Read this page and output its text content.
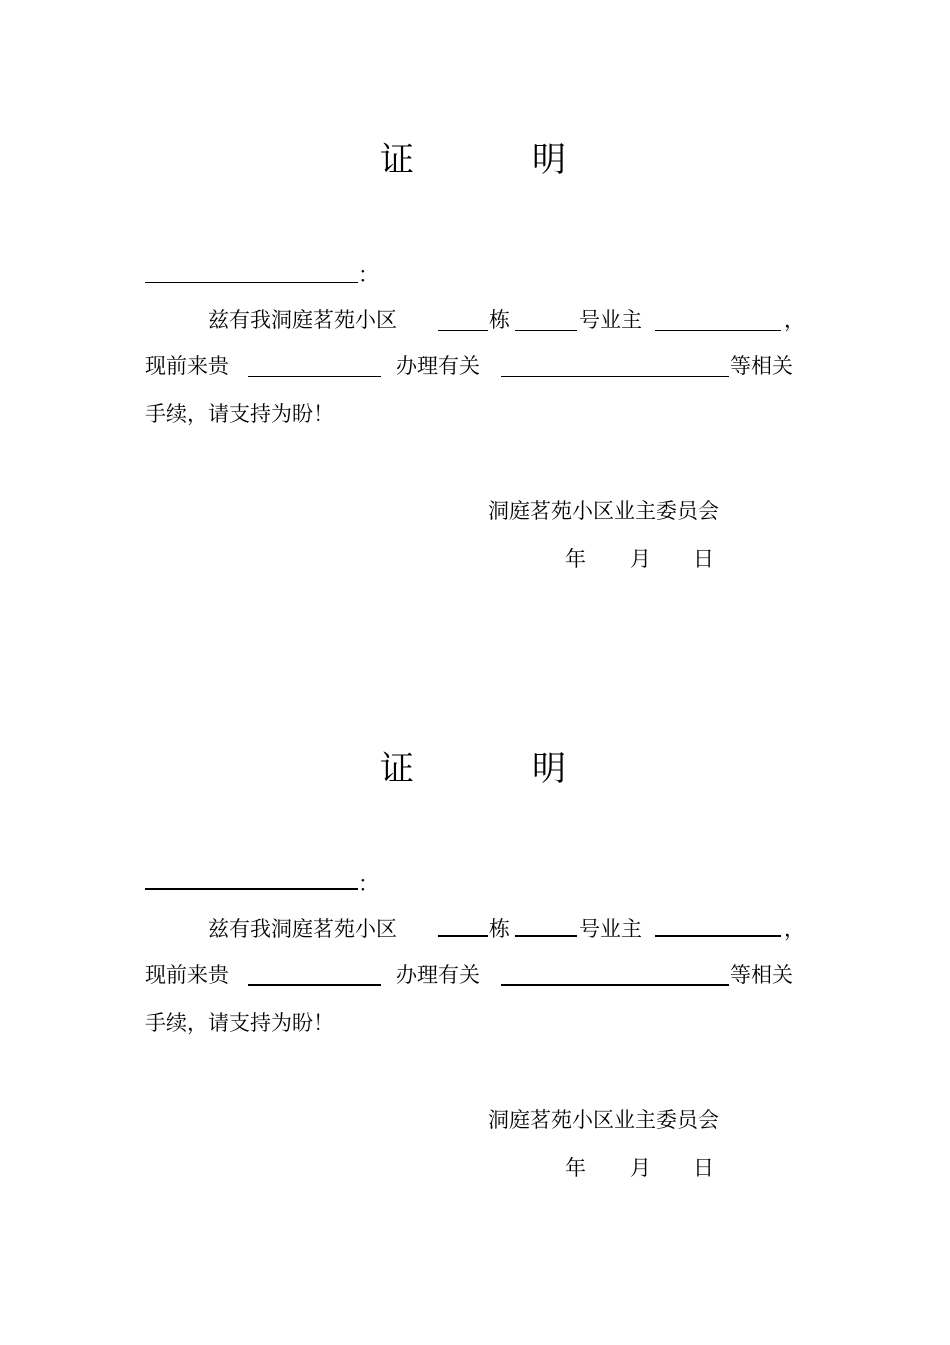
证	明
：
兹有我洞庭茗苑小区	栋	号业主	，
现前来贵	办理有关	等相关
手续，请支持为盼！
洞庭茗苑小区业主委员会
年 月 日
证	明
：
兹有我洞庭茗苑小区	栋	号业主	，
现前来贵	办理有关	等相关
手续，请支持为盼！
洞庭茗苑小区业主委员会
年 月 日
